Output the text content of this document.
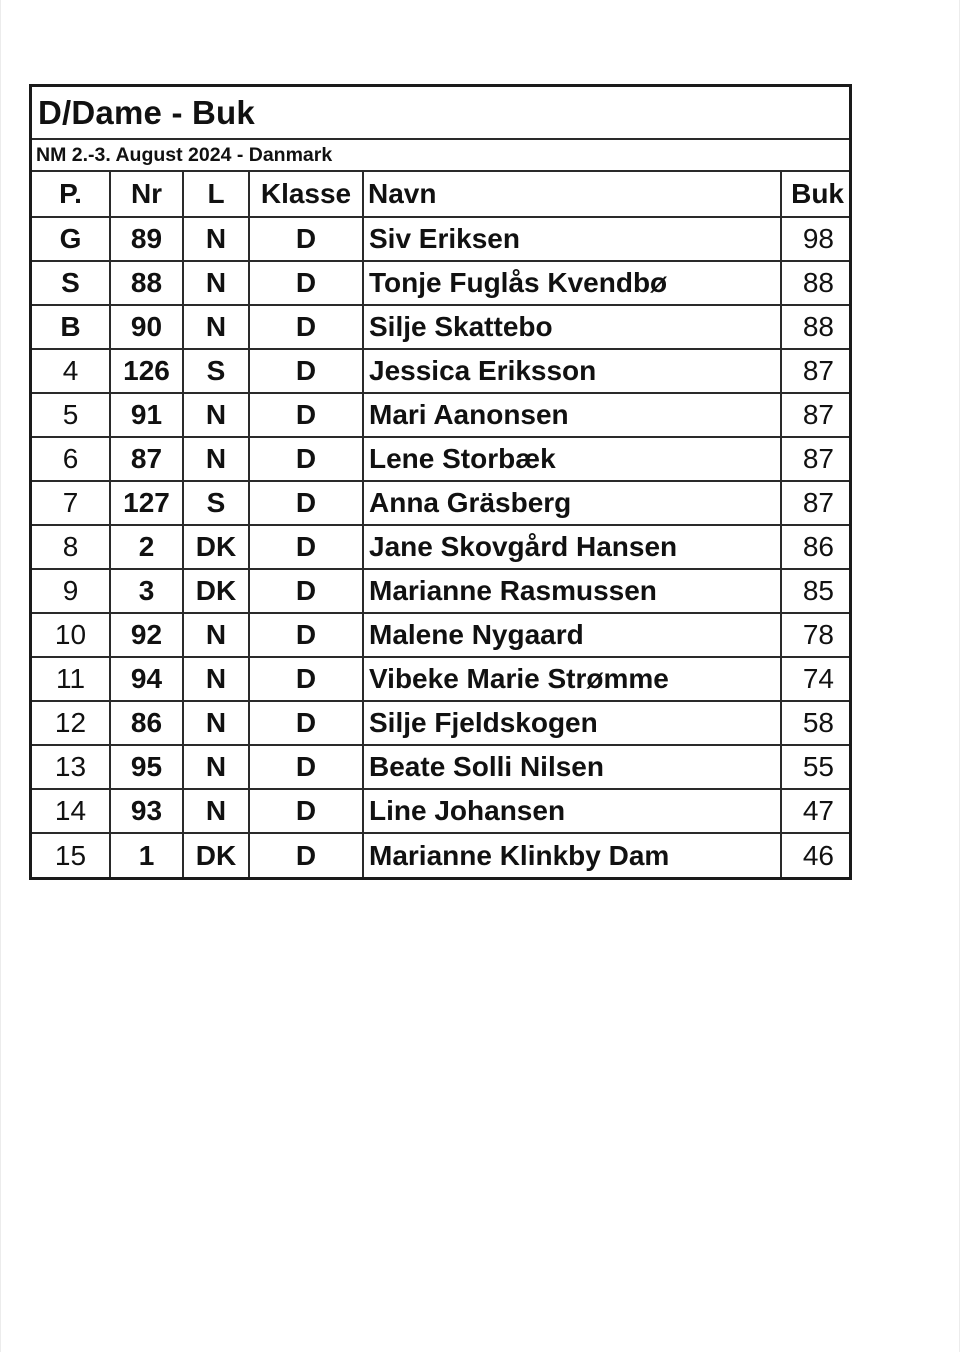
D/Dame - Buk
NM 2.-3. August 2024 - Danmark
P.	Nr	L	Klasse	Navn	Buk
G	89	N	D	Siv Eriksen	98
S	88	N	D	Tonje Fuglås Kvendbø	88
B	90	N	D	Silje Skattebo	88
4	126	S	D	Jessica Eriksson	87
5	91	N	D	Mari Aanonsen	87
6	87	N	D	Lene Storbæk	87
7	127	S	D	Anna Gräsberg	87
8	2	DK	D	Jane Skovgård Hansen	86
9	3	DK	D	Marianne Rasmussen	85
10	92	N	D	Malene Nygaard	78
11	94	N	D	Vibeke Marie Strømme	74
12	86	N	D	Silje Fjeldskogen	58
13	95	N	D	Beate Solli Nilsen	55
14	93	N	D	Line Johansen	47
15	1	DK	D	Marianne Klinkby Dam	46
